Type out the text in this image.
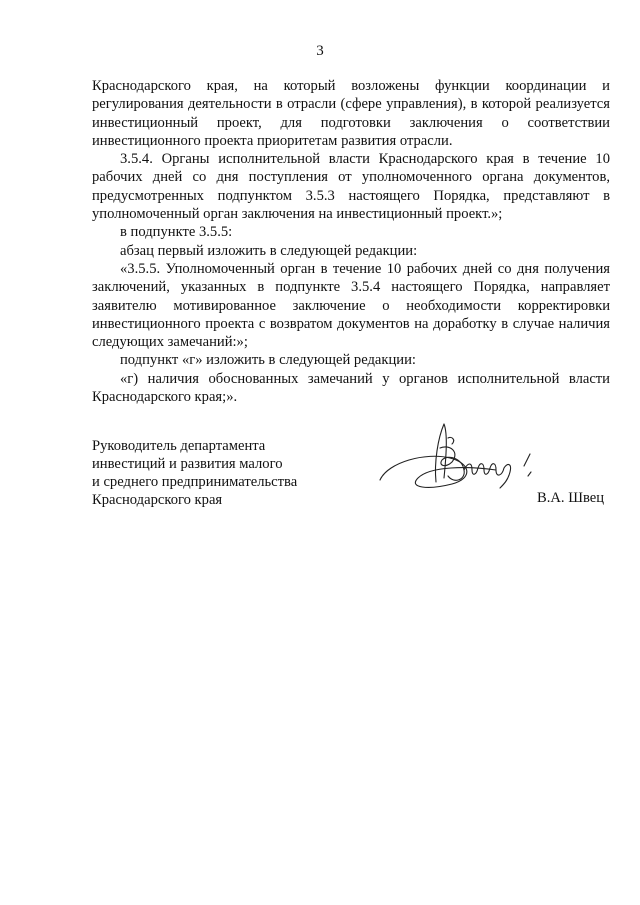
3

Краснодарского края, на который возложены функции координации и регулирования деятельности в отрасли (сфере управления), в которой реализуется инвестиционный проект, для подготовки заключения о соответствии инвестиционного проекта приоритетам развития отрасли.

3.5.4. Органы исполнительной власти Краснодарского края в течение 10 рабочих дней со дня поступления от уполномоченного органа документов, предусмотренных подпунктом 3.5.3 настоящего Порядка, представляют в уполномоченный орган заключения на инвестиционный проект.»;

в подпункте 3.5.5:

абзац первый изложить в следующей редакции:

«3.5.5. Уполномоченный орган в течение 10 рабочих дней со дня получения заключений, указанных в подпункте 3.5.4 настоящего Порядка, направляет заявителю мотивированное заключение о необходимости корректировки инвестиционного проекта с возвратом документов на доработку в случае наличия следующих замечаний:»;

подпункт «г» изложить в следующей редакции:

«г) наличия обоснованных замечаний у органов исполнительной власти Краснодарского края;».

Руководитель департамента
инвестиций и развития малого
и среднего предпринимательства
Краснодарского края	В.А. Швец
